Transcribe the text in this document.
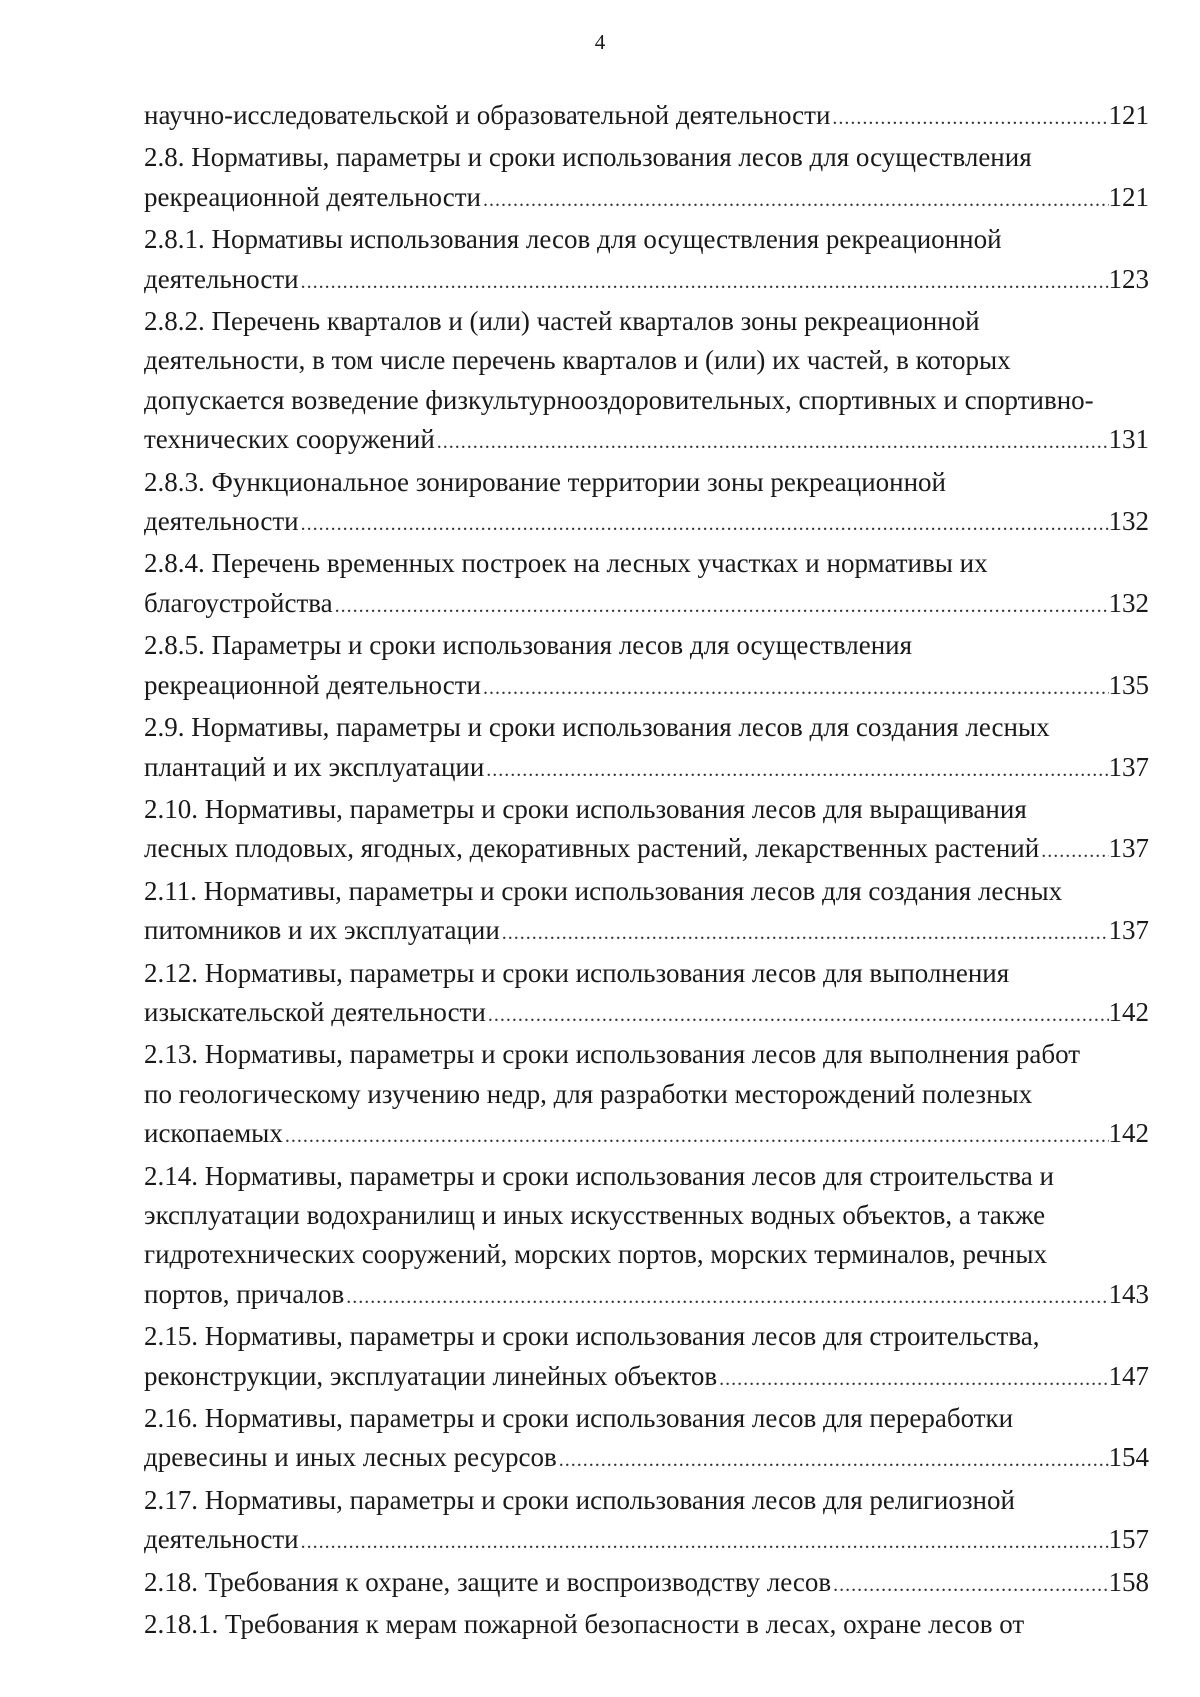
4
научно-исследовательской и образовательной деятельности .....	121
2.8. Нормативы, параметры и сроки использования лесов для осуществления
рекреационной деятельности .....	121
2.8.1. Нормативы использования лесов для осуществления рекреационной
деятельности .....	123
2.8.2. Перечень кварталов и (или) частей кварталов зоны рекреационной
деятельности, в том числе перечень кварталов и (или) их частей, в которых
допускается возведение физкультурнооздоровительных, спортивных и спортивно-
технических сооружений .....	131
2.8.3. Функциональное зонирование территории зоны рекреационной
деятельности .....	132
2.8.4. Перечень временных построек на лесных участках и нормативы их
благоустройства .....	132
2.8.5. Параметры и сроки использования лесов для осуществления
рекреационной деятельности .....	135
2.9. Нормативы, параметры и сроки использования лесов для создания лесных
плантаций и их эксплуатации .....	137
2.10. Нормативы, параметры и сроки использования лесов для выращивания
лесных плодовых, ягодных, декоративных растений, лекарственных растений .....	137
2.11. Нормативы, параметры и сроки использования лесов для создания лесных
питомников и их эксплуатации .....	137
2.12. Нормативы, параметры и сроки использования лесов для выполнения
изыскательской деятельности .....	142
2.13. Нормативы, параметры и сроки использования лесов для выполнения работ
по геологическому изучению недр, для разработки месторождений полезных
ископаемых .....	142
2.14. Нормативы, параметры и сроки использования лесов для строительства и
эксплуатации водохранилищ и иных искусственных водных объектов, а также
гидротехнических сооружений, морских портов, морских терминалов, речных
портов, причалов .....	143
2.15. Нормативы, параметры и сроки использования лесов для строительства,
реконструкции, эксплуатации линейных объектов .....	147
2.16. Нормативы, параметры и сроки использования лесов для переработки
древесины и иных лесных ресурсов .....	154
2.17. Нормативы, параметры и сроки использования лесов для религиозной
деятельности .....	157
2.18. Требования к охране, защите и воспроизводству лесов .....	158
2.18.1. Требования к мерам пожарной безопасности в лесах, охране лесов от
